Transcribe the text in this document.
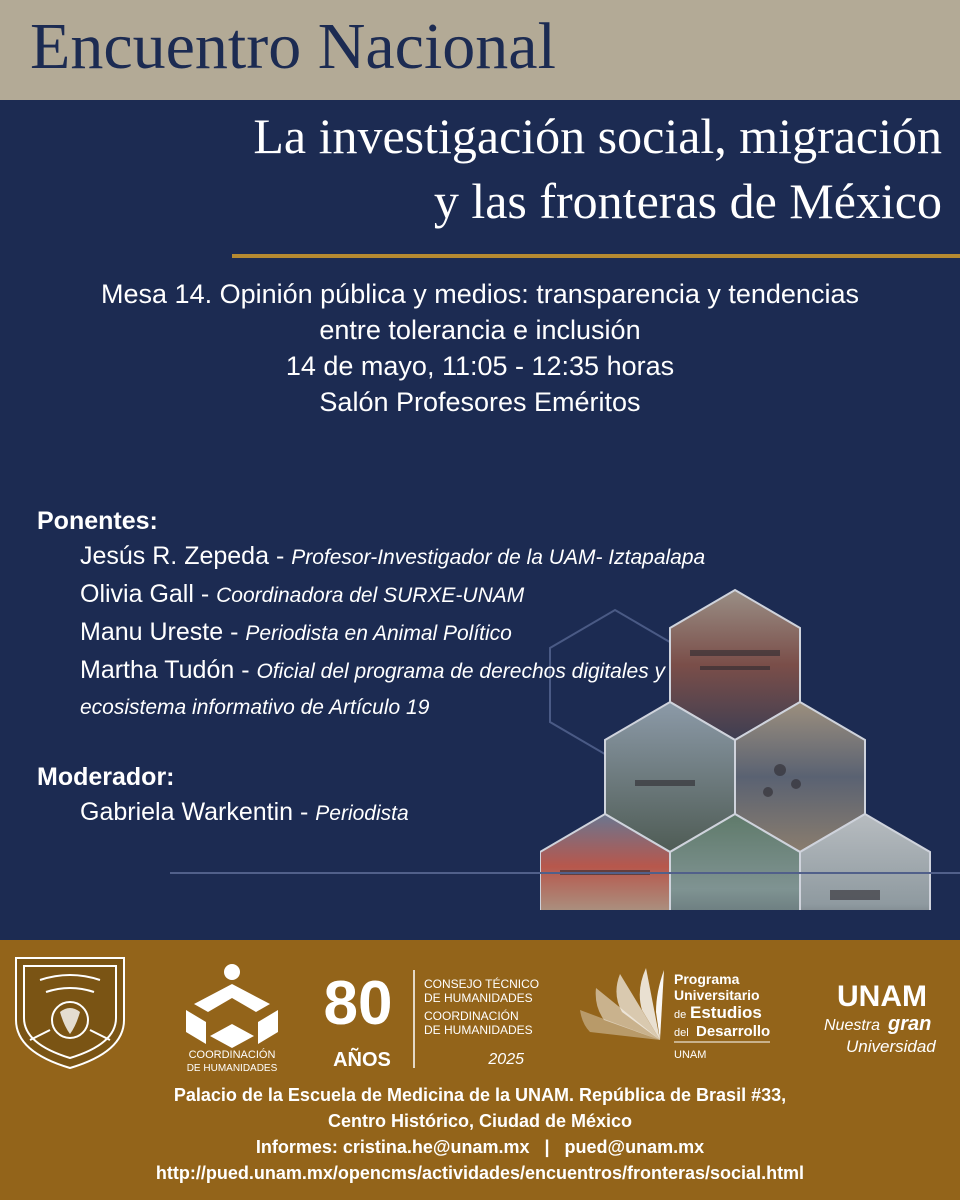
Encuentro Nacional
La investigación social, migración
y las fronteras de México
Mesa 14. Opinión pública y medios: transparencia y tendencias
entre tolerancia e inclusión
14 de mayo, 11:05 - 12:35 horas
Salón Profesores Eméritos
Ponentes:
Jesús R. Zepeda - Profesor-Investigador de la UAM- Iztapalapa
Olivia Gall - Coordinadora del SURXE-UNAM
Manu Ureste - Periodista en Animal Político
Martha Tudón - Oficial del programa de derechos digitales y
ecosistema informativo de Artículo 19
Moderador:
Gabriela Warkentin - Periodista
COORDINACIÓN
DE HUMANIDADES
80
AÑOS
CONSEJO TÉCNICO
DE HUMANIDADES
COORDINACIÓN
DE HUMANIDADES
2025
Programa
Universitario
de Estudios
del Desarrollo
UNAM
UNAM
Nuestra gran
Universidad
Palacio de la Escuela de Medicina de la UNAM. República de Brasil #33,
Centro Histórico, Ciudad de México
Informes: cristina.he@unam.mx   |   pued@unam.mx
http://pued.unam.mx/opencms/actividades/encuentros/fronteras/social.html
